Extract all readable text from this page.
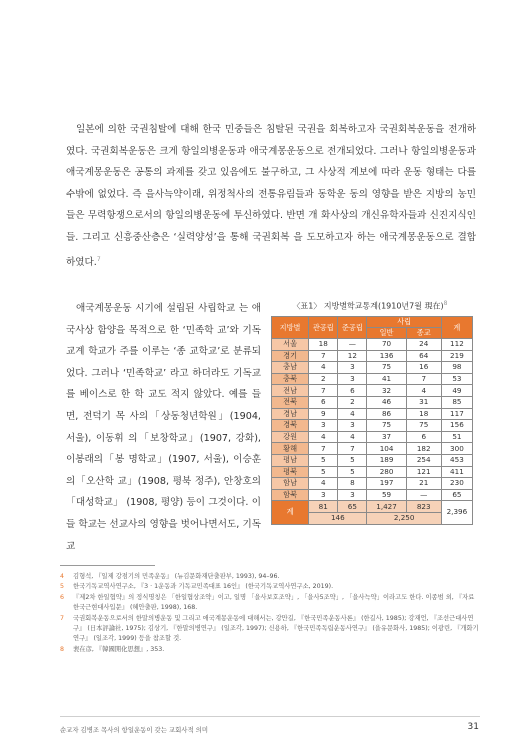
일본에 의한 국권침탈에 대해 한국 민중들은 침탈된 국권을 회복하고자 국권회복운동을 전개하였다. 국권회복운동은 크게 항일의병운동과 애국계몽운동으로 전개되었다. 그러나 항일의병운동과 애국계몽운동은 공통의 과제를 갖고 있음에도 불구하고, 그 사상적 계보에 따라 운동 형태는 다를 수밖에 없었다. 즉 을사늑약이래, 위정척사의 전통유림들과 동학운 동의 영향을 받은 지방의 농민들은 무력항쟁으로서의 항일의병운동에 투신하였다. 반면 개 화사상의 개신유학자들과 신진지식인들. 그리고 신흥중산층은 ‘실력양성’을 통해 국권회복 을 도모하고자 하는 애국계몽운동으로 결합하였다.$^7$

애국계몽운동 시기에 설립된 사립학교 는 애국사상 함양을 목적으로 한 ‘민족학 교’와 기독교계 학교가 주를 이루는 ‘종 교학교’로 분류되었다. 그러나 ‘민족학교’ 라고 하더라도 기독교를 베이스로 한 학 교도 적지 않았다. 예를 들면, 전덕기 목 사의「상동청년학원」(1904, 서울), 이동휘 의「보창학교」(1907, 강화), 이봉래의「봉 명학교」(1907, 서울), 이승훈의「오산학 교」(1908, 평북 정주), 안창호의「대성학교」 (1908, 평양) 등이 그것이다. 이들 학교는 선교사의 영향을 벗어나면서도, 기독교

〈표1〉 지방별학교통계(1910년7월 現在)$^8$
지방별	관공립	준공립	사립		계
			일반	종교	
서울	18	—	70	24	112
경기	7	12	136	64	219
충남	4	3	75	16	98
충북	2	3	41	7	53
전남	7	6	32	4	49
전북	6	2	46	31	85
경남	9	4	86	18	117
경북	3	3	75	75	156
강원	4	4	37	6	51
황해	7	7	104	182	300
평남	5	5	189	254	453
평북	5	5	280	121	411
함남	4	8	197	21	230
함북	3	3	59	—	65
계	81	65	1,427	823	2,396
	146		2,250		
4 김형석, 『일제 강점기의 민족운동』 (뉴김문화재단출판부, 1993), 94–96.
5 한국기독교역사연구소, 『3 · 1운동과 기독교민족대표 16인』 (한국기독교역사연구소, 2019).
6 『제2차 한일협약』의 정식명칭은 「한일협상조약」이고, 일명 「을사보호조약」, 「을사5조약」, 「을사늑약」이라고도 한다. 이종범 외, 『자료 한국근현대사입문』 (혜안출판, 1998), 168.
7 국권회복운동으로서의 한말의병운동 및 그리고 애국계몽운동에 대해서는, 강만길, 『한국민족운동사론』 (한길사, 1985); 강재언, 『조선근대사연구』 (日本評論社, 1975); 김상기, 『한말의병연구』 (일조각, 1997); 신용하, 『한국민족독립운동사연구』 (을유문화사, 1985); 이광린, 『개화기연구』 (일조각, 1999) 등을 참조할 것.
8 裵在彦, 『韓國開化思想』, 353.
순교자 김병조 목사의 항일운동이 갖는 교회사적 의미	31
